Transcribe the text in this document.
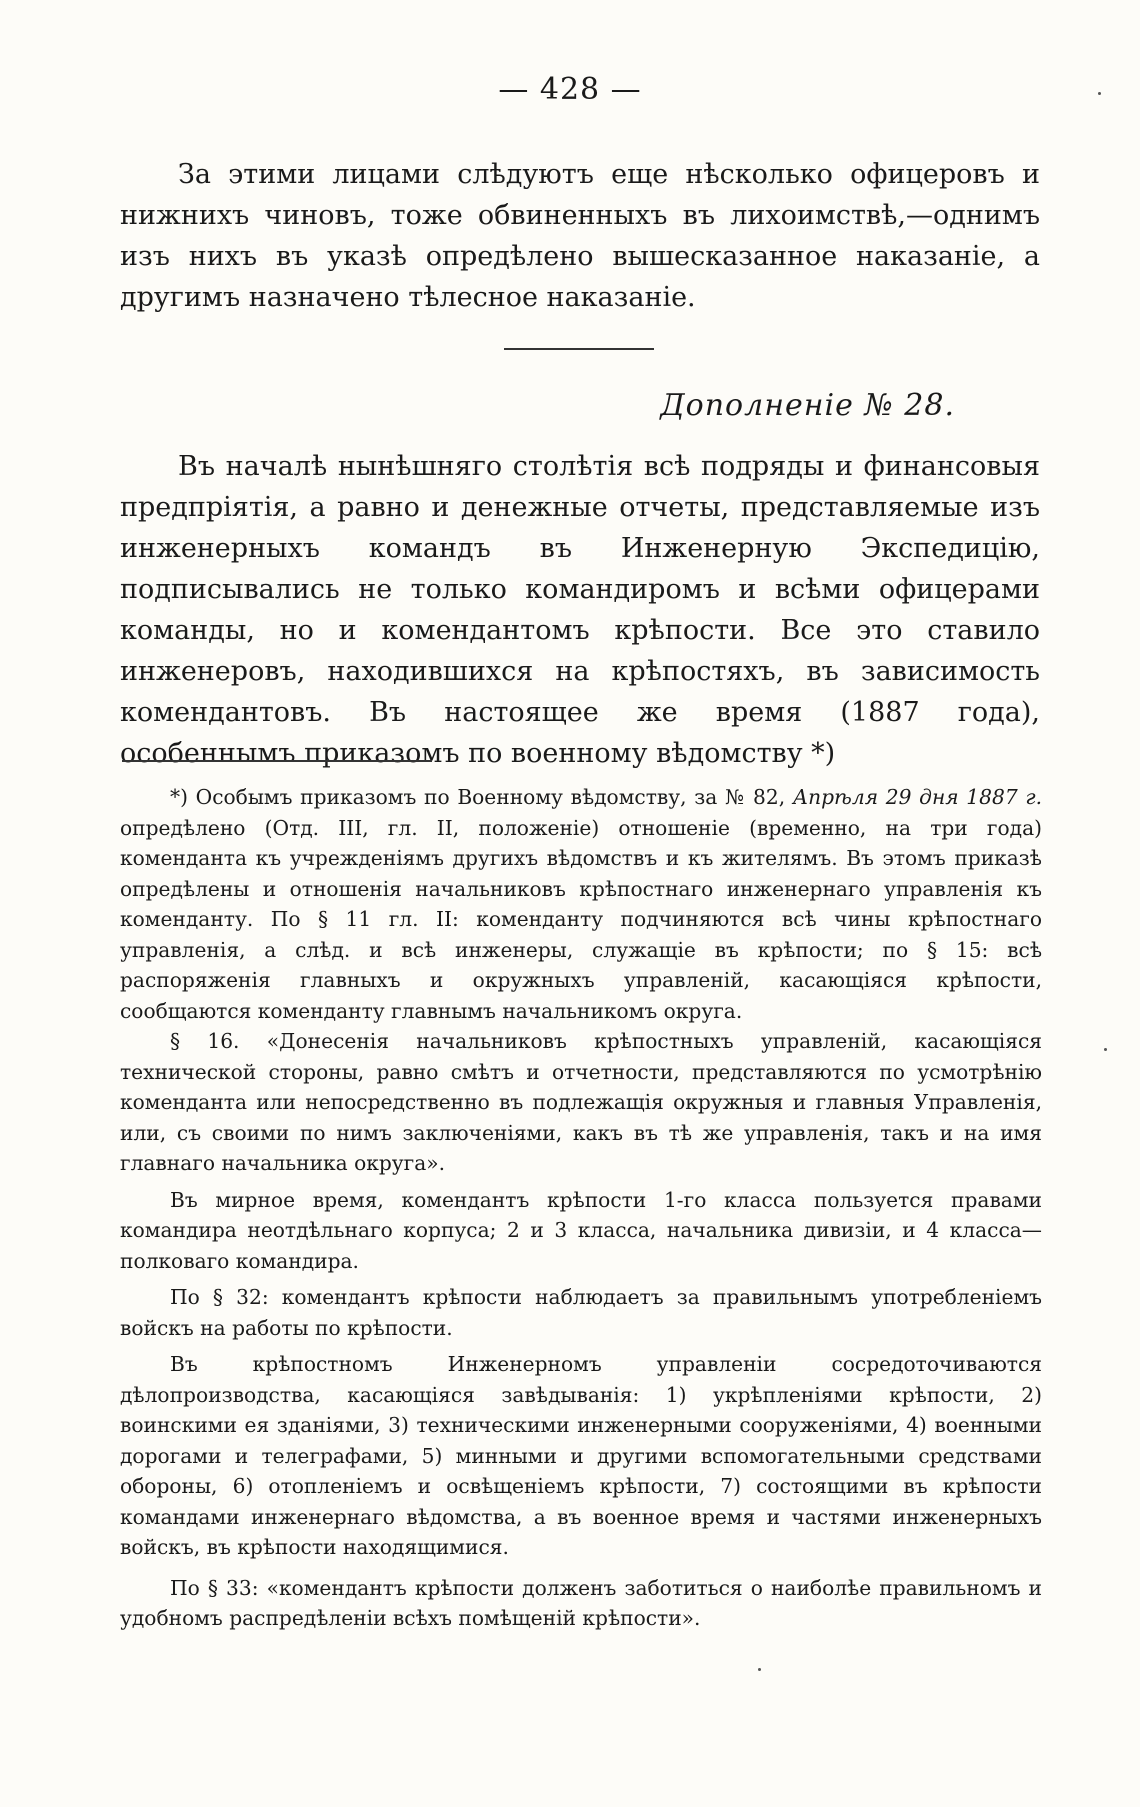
— 428 —

За этими лицами слѣдуютъ еще нѣсколько офицеровъ и нижнихъ чиновъ, тоже обвиненныхъ въ лихоимствѣ,—однимъ изъ нихъ въ указѣ опредѣлено вышесказанное наказаніе, а другимъ назначено тѣлесное наказаніе.

Дополненіе № 28.

Въ началѣ нынѣшняго столѣтія всѣ подряды и финансовыя предпріятія, а равно и денежные отчеты, представляемые изъ инженерныхъ командъ въ Инженерную Экспедицію, подписывались не только командиромъ и всѣми офицерами команды, но и комендантомъ крѣпости. Все это ставило инженеровъ, находившихся на крѣпостяхъ, въ зависимость комендантовъ. Въ настоящее же время (1887 года), особеннымъ приказомъ по военному вѣдомству *)

*) Особымъ приказомъ по Военному вѣдомству, за № 82, Апрѣля 29 дня 1887 г. опредѣлено (Отд. III, гл. II, положеніе) отношеніе (временно, на три года) коменданта къ учрежденіямъ другихъ вѣдомствъ и къ жителямъ. Въ этомъ приказѣ опредѣлены и отношенія начальниковъ крѣпостнаго инженернаго управленія къ коменданту. По § 11 гл. II: коменданту подчиняются всѣ чины крѣпостнаго управленія, а слѣд. и всѣ инженеры, служащіе въ крѣпости; по § 15: всѣ распоряженія главныхъ и окружныхъ управленій, касающіяся крѣпости, сообщаются коменданту главнымъ начальникомъ округа.

§ 16. «Донесенія начальниковъ крѣпостныхъ управленій, касающіяся технической стороны, равно смѣтъ и отчетности, представляются по усмотрѣнію коменданта или непосредственно въ подлежащія окружныя и главныя Управленія, или, съ своими по нимъ заключеніями, какъ въ тѣ же управленія, такъ и на имя главнаго начальника округа».

Въ мирное время, комендантъ крѣпости 1-го класса пользуется правами командира неотдѣльнаго корпуса; 2 и 3 класса, начальника дивизіи, и 4 класса—полковаго командира.

По § 32: комендантъ крѣпости наблюдаетъ за правильнымъ употребленіемъ войскъ на работы по крѣпости.

Въ крѣпостномъ Инженерномъ управленіи сосредоточиваются дѣлопроизводства, касающіяся завѣдыванія: 1) укрѣпленіями крѣпости, 2) воинскими ея зданіями, 3) техническими инженерными сооруженіями, 4) военными дорогами и телеграфами, 5) минными и другими вспомогательными средствами обороны, 6) отопленіемъ и освѣщеніемъ крѣпости, 7) состоящими въ крѣпости командами инженернаго вѣдомства, а въ военное время и частями инженерныхъ войскъ, въ крѣпости находящимися.

По § 33: «комендантъ крѣпости долженъ заботиться о наиболѣе правильномъ и удобномъ распредѣленіи всѣхъ помѣщеній крѣпости».
